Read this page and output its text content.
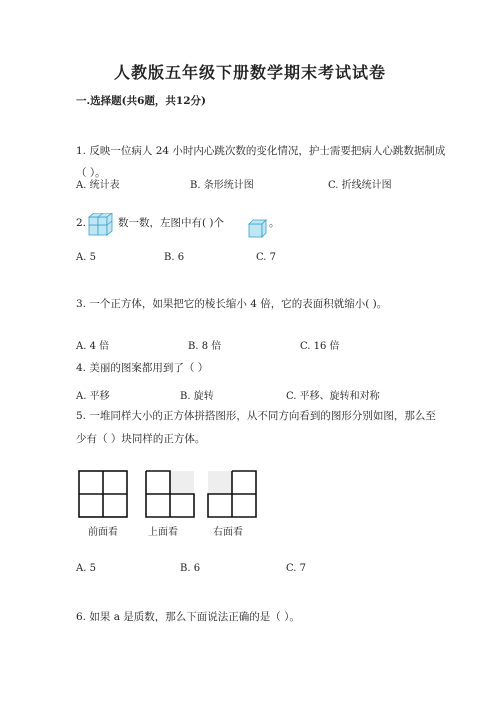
人教版五年级下册数学期末考试试卷
一.选择题(共6题，共12分)
1. 反映一位病人 24 小时内心跳次数的变化情况，护士需要把病人心跳数据制成
（ ）。
A. 统计表	B. 条形统计图	C. 折线统计图
2.	数一数，左图中有( )个	。
A. 5	B. 6	C. 7
3. 一个正方体，如果把它的棱长缩小 4 倍，它的表面积就缩小( )。
A. 4 倍	B. 8 倍	C. 16 倍
4. 美丽的图案都用到了（ ）
A. 平移	B. 旋转	C. 平移、旋转和对称
5. 一堆同样大小的正方体拼搭图形，从不同方向看到的图形分别如图，那么至
少有（ ）块同样的正方体。
前面看	上面看	右面看
A. 5	B. 6	C. 7
6. 如果 a 是质数，那么下面说法正确的是（ ）。
